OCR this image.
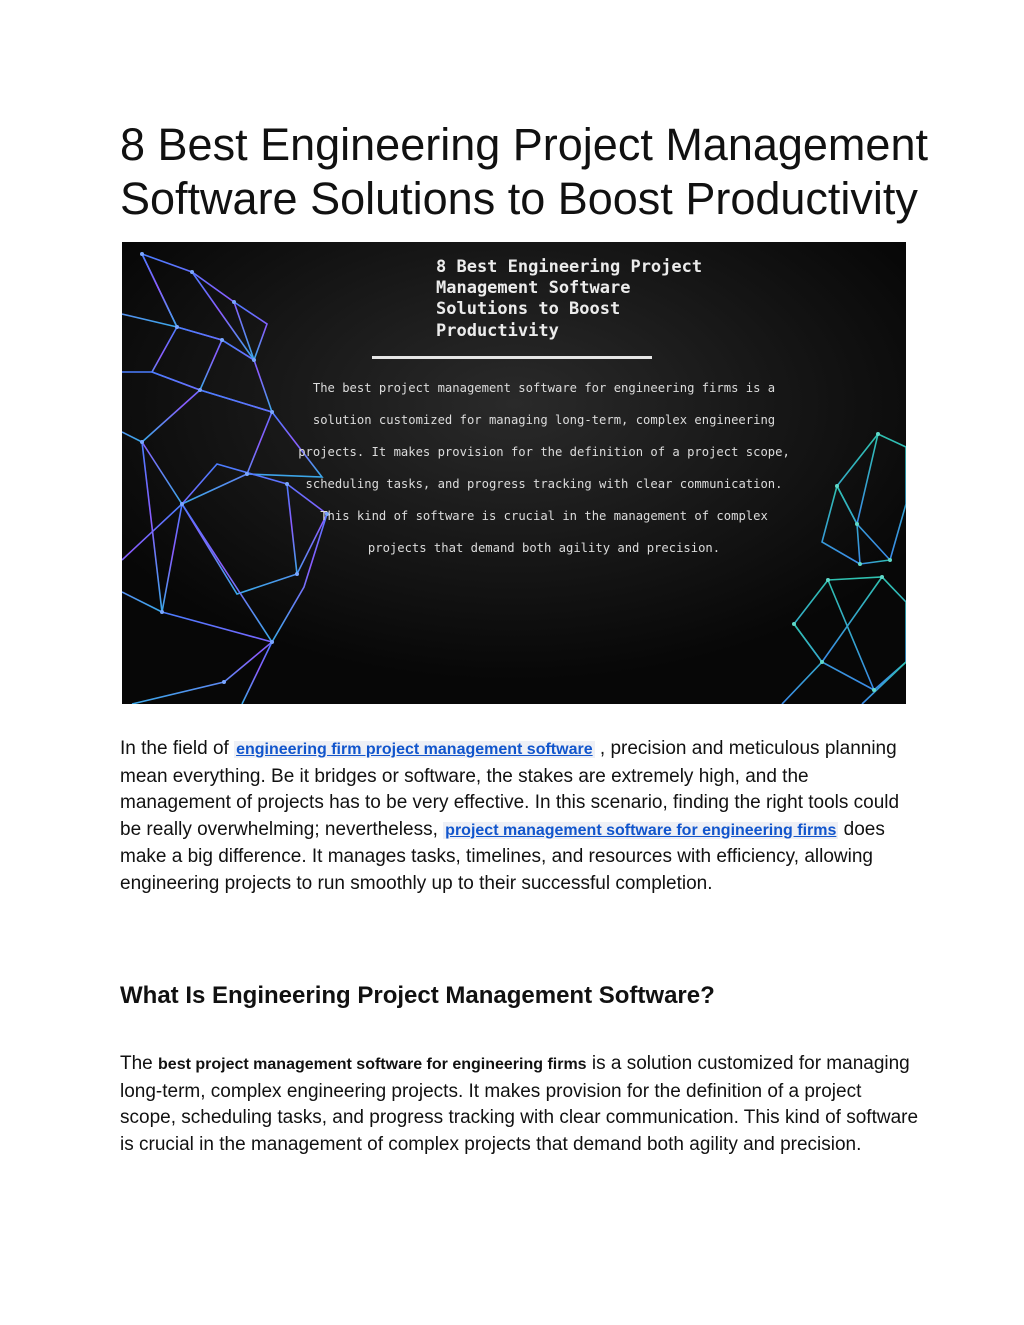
8 Best Engineering Project Management Software Solutions to Boost Productivity
8 Best Engineering Project
Management Software
Solutions to Boost
Productivity
The best project management software for engineering firms is a
solution customized for managing long-term, complex engineering
projects. It makes provision for the definition of a project scope,
scheduling tasks, and progress tracking with clear communication.
This kind of software is crucial in the management of complex
projects that demand both agility and precision.

In the field of engineering firm project management software , precision and meticulous planning mean everything. Be it bridges or software, the stakes are extremely high, and the management of projects has to be very effective. In this scenario, finding the right tools could be really overwhelming; nevertheless, project management software for engineering firms does make a big difference. It manages tasks, timelines, and resources with efficiency, allowing engineering projects to run smoothly up to their successful completion.

What Is Engineering Project Management Software?

The best project management software for engineering firms is a solution customized for managing long-term, complex engineering projects. It makes provision for the definition of a project scope, scheduling tasks, and progress tracking with clear communication. This kind of software is crucial in the management of complex projects that demand both agility and precision.
